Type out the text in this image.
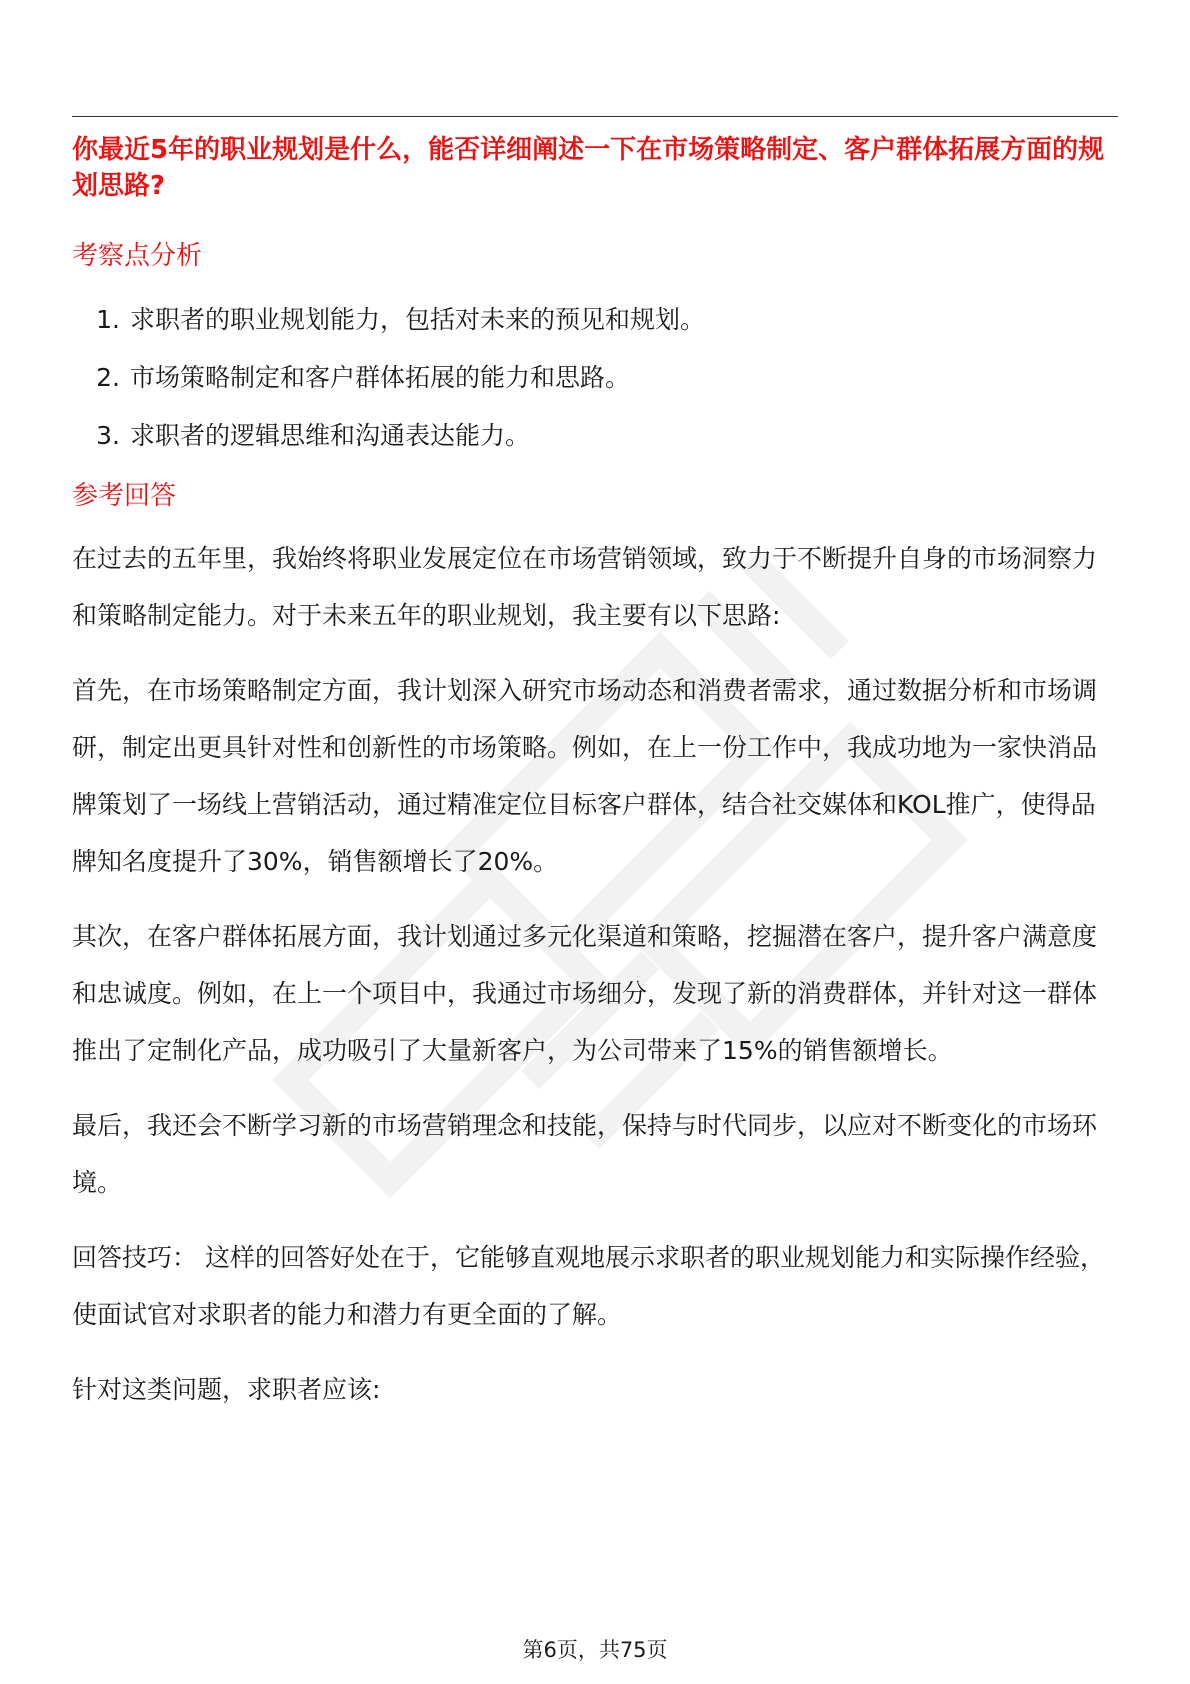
你最近5年的职业规划是什么，能否详细阐述一下在市场策略制定、客户群体拓展方面的规划思路?

考察点分析
1. 求职者的职业规划能力，包括对未来的预见和规划。
2. 市场策略制定和客户群体拓展的能力和思路。
3. 求职者的逻辑思维和沟通表达能力。
参考回答

在过去的五年里，我始终将职业发展定位在市场营销领域，致力于不断提升自身的市场洞察力和策略制定能力。对于未来五年的职业规划，我主要有以下思路:

首先，在市场策略制定方面，我计划深入研究市场动态和消费者需求，通过数据分析和市场调研，制定出更具针对性和创新性的市场策略。例如，在上一份工作中，我成功地为一家快消品牌策划了一场线上营销活动，通过精准定位目标客户群体，结合社交媒体和KOL推广，使得品牌知名度提升了30%，销售额增长了20%。

其次，在客户群体拓展方面，我计划通过多元化渠道和策略，挖掘潜在客户，提升客户满意度和忠诚度。例如，在上一个项目中，我通过市场细分，发现了新的消费群体，并针对这一群体推出了定制化产品，成功吸引了大量新客户，为公司带来了15%的销售额增长。

最后，我还会不断学习新的市场营销理念和技能，保持与时代同步，以应对不断变化的市场环境。

回答技巧： 这样的回答好处在于，它能够直观地展示求职者的职业规划能力和实际操作经验，使面试官对求职者的能力和潜力有更全面的了解。

针对这类问题，求职者应该:

第6页，共75页
